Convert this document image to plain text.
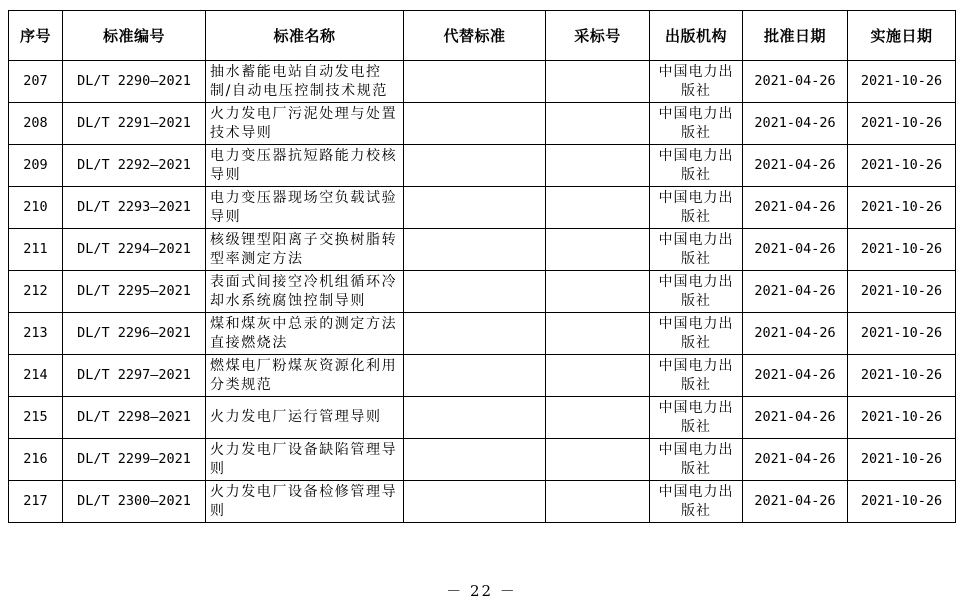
序号	标准编号	标准名称	代替标准	采标号	出版机构	批准日期	实施日期
207	DL/T 2290—2021	抽水蓄能电站自动发电控制/自动电压控制技术规范			中国电力出版社	2021-04-26	2021-10-26
208	DL/T 2291—2021	火力发电厂污泥处理与处置技术导则			中国电力出版社	2021-04-26	2021-10-26
209	DL/T 2292—2021	电力变压器抗短路能力校核导则			中国电力出版社	2021-04-26	2021-10-26
210	DL/T 2293—2021	电力变压器现场空负载试验导则			中国电力出版社	2021-04-26	2021-10-26
211	DL/T 2294—2021	核级锂型阳离子交换树脂转型率测定方法			中国电力出版社	2021-04-26	2021-10-26
212	DL/T 2295—2021	表面式间接空冷机组循环冷却水系统腐蚀控制导则			中国电力出版社	2021-04-26	2021-10-26
213	DL/T 2296—2021	煤和煤灰中总汞的测定方法 直接燃烧法			中国电力出版社	2021-04-26	2021-10-26
214	DL/T 2297—2021	燃煤电厂粉煤灰资源化利用分类规范			中国电力出版社	2021-04-26	2021-10-26
215	DL/T 2298—2021	火力发电厂运行管理导则			中国电力出版社	2021-04-26	2021-10-26
216	DL/T 2299—2021	火力发电厂设备缺陷管理导则			中国电力出版社	2021-04-26	2021-10-26
217	DL/T 2300—2021	火力发电厂设备检修管理导则			中国电力出版社	2021-04-26	2021-10-26
－ 22 －
